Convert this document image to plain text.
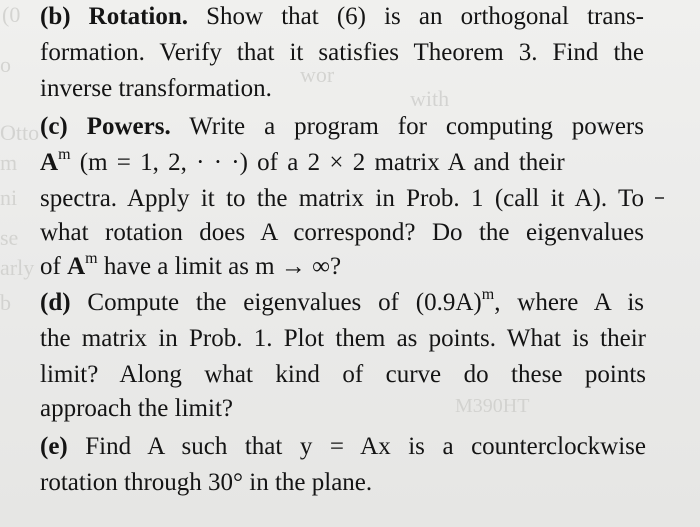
(0
o	wor
with
Otto
m
ni
se
arly
b
M390HT
(b) Rotation. Show that (6) is an orthogonal trans-
formation. Verify that it satisfies Theorem 3. Find the
inverse transformation.
(c) Powers. Write a program for computing powers
$A^m$ (m = 1, 2, · · ·) of a 2 × 2 matrix A and their
spectra. Apply it to the matrix in Prob. 1 (call it A). To
what rotation does A correspond? Do the eigenvalues
of $A^m$ have a limit as m → ∞?
(d) Compute the eigenvalues of $(0.9A)^m$, where A is
the matrix in Prob. 1. Plot them as points. What is their
limit? Along what kind of curve do these points
approach the limit?
(e) Find A such that y = Ax is a counterclockwise
rotation through 30° in the plane.
